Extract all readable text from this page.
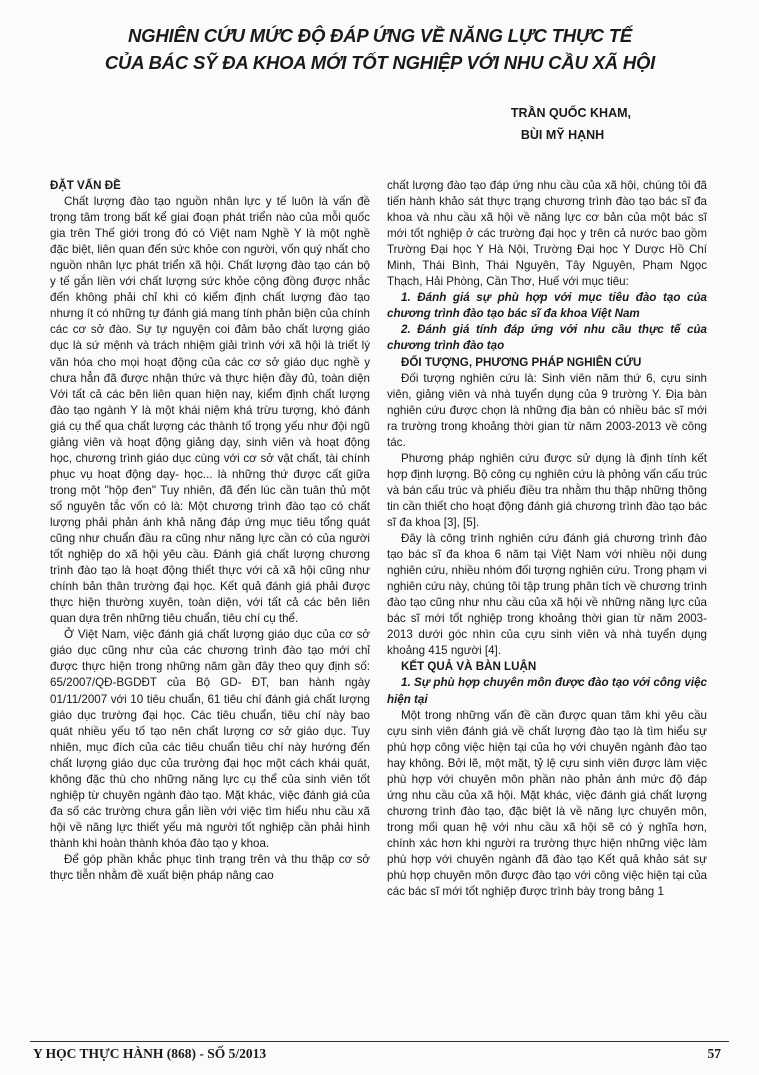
NGHIÊN CỨU MỨC ĐỘ ĐÁP ỨNG VỀ NĂNG LỰC THỰC TẾ
CỦA BÁC SỸ ĐA KHOA MỚI TỐT NGHIỆP VỚI NHU CẦU XÃ HỘI
TRẦN QUỐC KHAM,
BÙI MỸ HẠNH

ĐẶT VẤN ĐỀ

Chất lượng đào tạo nguồn nhân lực y tế luôn là vấn đề trọng tâm trong bất kể giai đoạn phát triển nào của mỗi quốc gia trên Thế giới trong đó có Việt nam Nghề Y là một nghề đặc biệt, liên quan đến sức khỏe con người, vốn quý nhất cho nguồn nhân lực phát triển xã hội. Chất lượng đào tạo cán bộ y tế gắn liền với chất lượng sức khỏe cộng đồng được nhắc đến không phải chỉ khi có kiểm định chất lượng đào tạo nhưng ít có những tự đánh giá mang tính phản biện của chính các cơ sở đào. Sự tự nguyện coi đảm bảo chất lượng giáo dục là sứ mệnh và trách nhiệm giải trình với xã hội là triết lý văn hóa cho mọi hoạt động của các cơ sở giáo dục nghề y chưa hẳn đã được nhận thức và thực hiện đầy đủ, toàn diện Với tất cả các bên liên quan hiện nay, kiểm định chất lượng đào tạo ngành Y là một khái niệm khá trừu tượng, khó đánh giá cụ thể qua chất lượng các thành tố trọng yếu như đội ngũ giảng viên và hoạt động giảng dạy, sinh viên và hoạt động học, chương trình giáo dục cùng với cơ sở vật chất, tài chính phục vụ hoạt động dạy- học... là những thứ được cất giữa trong một "hộp đen" Tuy nhiên, đã đến lúc cần tuân thủ một số nguyên tắc vốn có là: Một chương trình đào tạo có chất lượng phải phản ánh khả năng đáp ứng mục tiêu tổng quát cũng như chuẩn đầu ra cũng như năng lực cần có của người tốt nghiệp do xã hội yêu cầu. Đánh giá chất lượng chương trình đào tạo là hoạt động thiết thực với cả xã hội cũng như chính bản thân trường đại học. Kết quả đánh giá phải được thực hiện thường xuyên, toàn diện, với tất cả các bên liên quan dựa trên những tiêu chuẩn, tiêu chí cụ thể.

Ở Việt Nam, việc đánh giá chất lượng giáo dục của cơ sở giáo dục cũng như của các chương trình đào tạo mới chỉ được thực hiện trong những năm gần đây theo quy định số: 65/2007/QĐ-BGDĐT của Bộ GD- ĐT, ban hành ngày 01/11/2007 với 10 tiêu chuẩn, 61 tiêu chí đánh giá chất lượng giáo dục trường đại học. Các tiêu chuẩn, tiêu chí này bao quát nhiều yếu tố tạo nên chất lượng cơ sở giáo dục. Tuy nhiên, mục đích của các tiêu chuẩn tiêu chí này hướng đến chất lượng giáo dục của trường đại học một cách khái quát, không đặc thù cho những năng lực cụ thể của sinh viên tốt nghiệp từ chuyên ngành đào tạo. Mặt khác, việc đánh giá của đa số các trường chưa gắn liền với việc tìm hiểu nhu cầu xã hội về năng lực thiết yếu mà người tốt nghiệp cần phải hình thành khi hoàn thành khóa đào tạo y khoa.

Để góp phần khắc phục tình trạng trên và thu thập cơ sở thực tiễn nhằm đề xuất biện pháp nâng cao

chất lượng đào tạo đáp ứng nhu cầu của xã hội, chúng tôi đã tiến hành khảo sát thực trạng chương trình đào tạo bác sĩ đa khoa và nhu cầu xã hội về năng lực cơ bản của một bác sĩ mới tốt nghiệp ở các trường đại học y trên cả nước bao gồm Trường Đại học Y Hà Nội, Trường Đại học Y Dược Hồ Chí Minh, Thái Bình, Thái Nguyên, Tây Nguyên, Phạm Ngọc Thạch, Hải Phòng, Cần Thơ, Huế với mục tiêu:

1. Đánh giá sự phù hợp với mục tiêu đào tạo của chương trình đào tạo bác sĩ đa khoa Việt Nam

2. Đánh giá tính đáp ứng với nhu cầu thực tế của chương trình đào tạo

ĐỐI TƯỢNG, PHƯƠNG PHÁP NGHIÊN CỨU

Đối tượng nghiên cứu là: Sinh viên năm thứ 6, cựu sinh viên, giảng viên và nhà tuyển dụng của 9 trường Y. Địa bàn nghiên cứu được chọn là những địa bàn có nhiều bác sĩ mới ra trường trong khoảng thời gian từ năm 2003-2013 về công tác.

Phương pháp nghiên cứu được sử dụng là định tính kết hợp định lượng. Bộ công cụ nghiên cứu là phỏng vấn cấu trúc và bán cấu trúc và phiếu điều tra nhằm thu thập những thông tin cần thiết cho hoạt động đánh giá chương trình đào tạo bác sĩ đa khoa [3], [5].

Đây là công trình nghiên cứu đánh giá chương trình đào tạo bác sĩ đa khoa 6 năm tại Việt Nam với nhiều nội dung nghiên cứu, nhiều nhóm đối tượng nghiên cứu. Trong phạm vi nghiên cứu này, chúng tôi tập trung phân tích về chương trình đào tạo cũng như nhu cầu của xã hội về những năng lực của bác sĩ mới tốt nghiệp trong khoảng thời gian từ năm 2003-2013 dưới góc nhìn của cựu sinh viên và nhà tuyển dụng khoảng 415 người [4].

KẾT QUẢ VÀ BÀN LUẬN

1. Sự phù hợp chuyên môn được đào tạo với công việc hiện tại

Một trong những vấn đề cần được quan tâm khi yêu cầu cựu sinh viên đánh giá về chất lượng đào tạo là tìm hiểu sự phù hợp công việc hiện tại của họ với chuyên ngành đào tạo hay không. Bởi lẽ, một mặt, tỷ lệ cựu sinh viên được làm việc phù hợp với chuyên môn phần nào phản ánh mức độ đáp ứng nhu cầu của xã hội. Mặt khác, việc đánh giá chất lượng chương trình đào tạo, đặc biệt là về năng lực chuyên môn, trong mối quan hệ với nhu cầu xã hội sẽ có ý nghĩa hơn, chính xác hơn khi người ra trường thực hiện những việc làm phù hợp với chuyên ngành đã đào tạo Kết quả khảo sát sự phù hợp chuyên môn được đào tạo với công việc hiện tại của các bác sĩ mới tốt nghiệp được trình bày trong bảng 1

Y HỌC THỰC HÀNH (868) - SỐ 5/2013	57
